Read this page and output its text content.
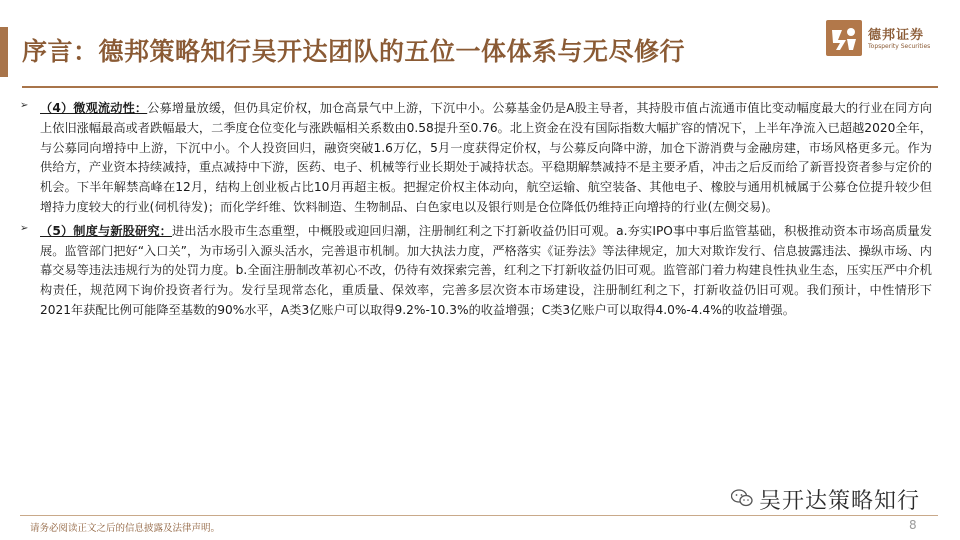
序言：德邦策略知行吴开达团队的五位一体体系与无尽修行
德邦证券
Topsperity Securities
➢ （4）微观流动性：公募增量放缓，但仍具定价权，加仓高景气中上游，下沉中小。公募基金仍是A股主导者，其持股市值占流通市值比变动幅度最大的行业在同方向上依旧涨幅最高或者跌幅最大，二季度仓位变化与涨跌幅相关系数由0.58提升至0.76。北上资金在没有国际指数大幅扩容的情况下，上半年净流入已超越2020全年，与公募同向增持中上游，下沉中小。个人投资回归，融资突破1.6万亿，5月一度获得定价权，与公募反向降中游，加仓下游消费与金融房建，市场风格更多元。作为供给方，产业资本持续减持，重点减持中下游，医药、电子、机械等行业长期处于减持状态。平稳期解禁减持不是主要矛盾，冲击之后反而给了新晋投资者参与定价的机会。下半年解禁高峰在12月，结构上创业板占比10月再超主板。把握定价权主体动向，航空运输、航空装备、其他电子、橡胶与通用机械属于公募仓位提升较少但增持力度较大的行业(伺机待发)；而化学纤维、饮料制造、生物制品、白色家电以及银行则是仓位降低仍维持正向增持的行业(左侧交易)。

➢ （5）制度与新股研究：进出活水股市生态重塑，中概股或迎回归潮，注册制红利之下打新收益仍旧可观。a.夯实IPO事中事后监管基础，积极推动资本市场高质量发展。监管部门把好“入口关”，为市场引入源头活水，完善退市机制。加大执法力度，严格落实《证券法》等法律规定，加大对欺诈发行、信息披露违法、操纵市场、内幕交易等违法违规行为的处罚力度。b.全面注册制改革初心不改，仍待有效探索完善，红利之下打新收益仍旧可观。监管部门着力构建良性执业生态，压实压严中介机构责任，规范网下询价投资者行为。发行呈现常态化，重质量、保效率，完善多层次资本市场建设，注册制红利之下，打新收益仍旧可观。我们预计，中性情形下2021年获配比例可能降至基数的90%水平，A类3亿账户可以取得9.2%-10.3%的收益增强；C类3亿账户可以取得4.0%-4.4%的收益增强。

吴开达策略知行
请务必阅读正文之后的信息披露及法律声明。	8
